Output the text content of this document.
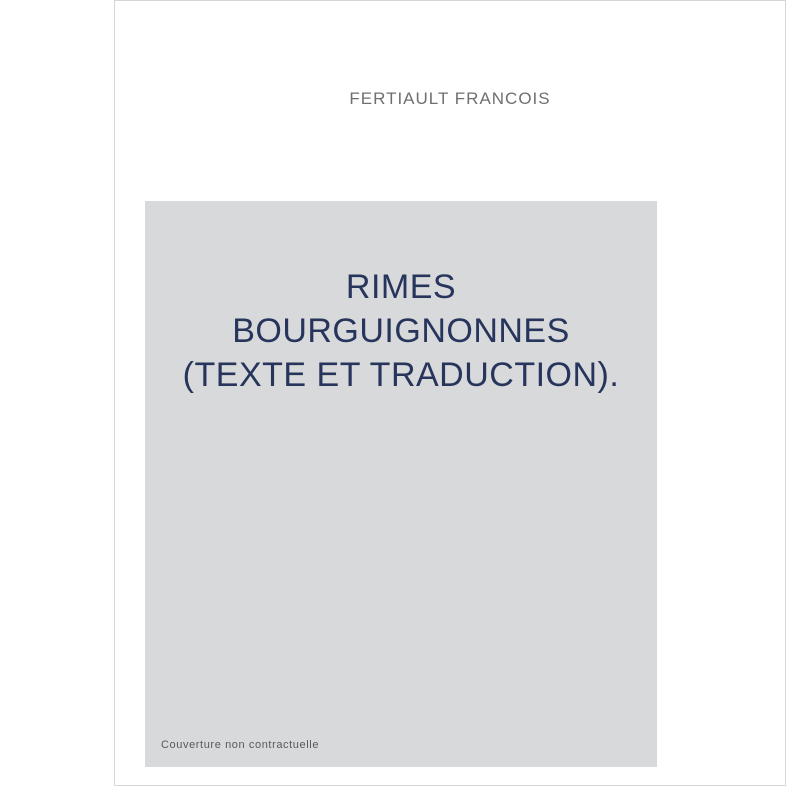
FERTIAULT FRANCOIS
RIMES
BOURGUIGNONNES
(TEXTE ET TRADUCTION).
Couverture non contractuelle
